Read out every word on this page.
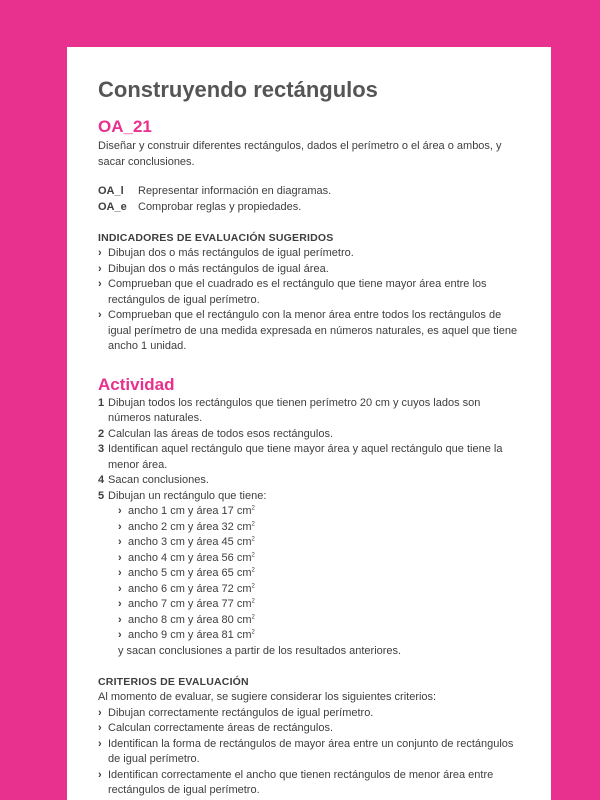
Construyendo rectángulos
OA_21

Diseñar y construir diferentes rectángulos, dados el perímetro o el área o ambos, y sacar conclusiones.

OA_l	Representar información en diagramas.
OA_e	Comprobar reglas y propiedades.
INDICADORES DE EVALUACIÓN SUGERIDOS
› Dibujan dos o más rectángulos de igual perímetro.
› Dibujan dos o más rectángulos de igual área.
› Comprueban que el cuadrado es el rectángulo que tiene mayor área entre los rectángulos de igual perímetro.
› Comprueban que el rectángulo con la menor área entre todos los rectángulos de igual perímetro de una medida expresada en números naturales, es aquel que tiene ancho 1 unidad.
Actividad
1 Dibujan todos los rectángulos que tienen perímetro 20 cm y cuyos lados son números naturales.
2 Calculan las áreas de todos esos rectángulos.
3 Identifican aquel rectángulo que tiene mayor área y aquel rectángulo que tiene la menor área.
4 Sacan conclusiones.
5 Dibujan un rectángulo que tiene:
› ancho 1 cm y área 17 $cm^2$
› ancho 2 cm y área 32 $cm^2$
› ancho 3 cm y área 45 $cm^2$
› ancho 4 cm y área 56 $cm^2$
› ancho 5 cm y área 65 $cm^2$
› ancho 6 cm y área 72 $cm^2$
› ancho 7 cm y área 77 $cm^2$
› ancho 8 cm y área 80 $cm^2$
› ancho 9 cm y área 81 $cm^2$
y sacan conclusiones a partir de los resultados anteriores.
CRITERIOS DE EVALUACIÓN

Al momento de evaluar, se sugiere considerar los siguientes criterios:

› Dibujan correctamente rectángulos de igual perímetro.
› Calculan correctamente áreas de rectángulos.
› Identifican la forma de rectángulos de mayor área entre un conjunto de rectángulos de igual perímetro.
› Identifican correctamente el ancho que tienen rectángulos de menor área entre rectángulos de igual perímetro.
